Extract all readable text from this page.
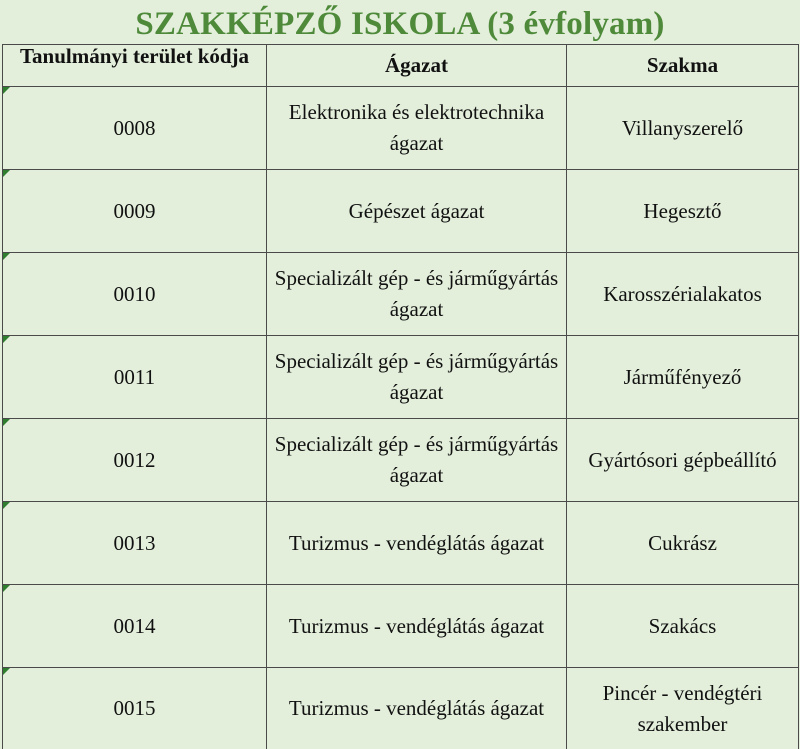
SZAKKÉPZŐ ISKOLA (3 évfolyam)
Tanulmányi terület kódja	Ágazat	Szakma

0008	Elektronika és elektrotechnika ágazat	Villanyszerelő

0009	Gépészet ágazat	Hegesztő

0010	Specializált gép - és járműgyártás ágazat	Karosszérialakatos

0011	Specializált gép - és járműgyártás ágazat	Járműfényező

0012	Specializált gép - és járműgyártás ágazat	Gyártósori gépbeállító

0013	Turizmus - vendéglátás ágazat	Cukrász

0014	Turizmus - vendéglátás ágazat	Szakács

0015	Turizmus - vendéglátás ágazat	Pincér - vendégtéri szakember
